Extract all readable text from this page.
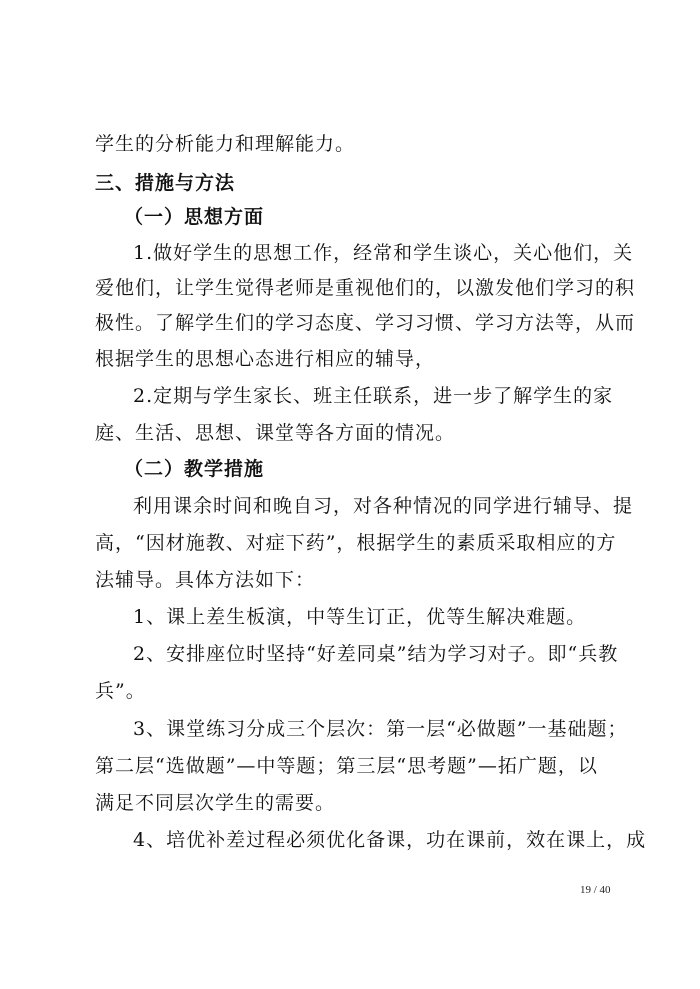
学生的分析能力和理解能力。
三、措施与方法
（一）思想方面
1.做好学生的思想工作，经常和学生谈心，关心他们，关
爱他们，让学生觉得老师是重视他们的，以激发他们学习的积
极性。了解学生们的学习态度、学习习惯、学习方法等，从而
根据学生的思想心态进行相应的辅导，
2.定期与学生家长、班主任联系，进一步了解学生的家
庭、生活、思想、课堂等各方面的情况。
（二）教学措施
利用课余时间和晚自习，对各种情况的同学进行辅导、提
高，“因材施教、对症下药”，根据学生的素质采取相应的方
法辅导。具体方法如下：
1、课上差生板演，中等生订正，优等生解决难题。
2、安排座位时坚持“好差同桌”结为学习对子。即“兵教
兵”。
3、课堂练习分成三个层次：第一层“必做题”一基础题；
第二层“选做题”—中等题；第三层“思考题”—拓广题，以
满足不同层次学生的需要。
4、培优补差过程必须优化备课，功在课前，效在课上，成
19 / 40
